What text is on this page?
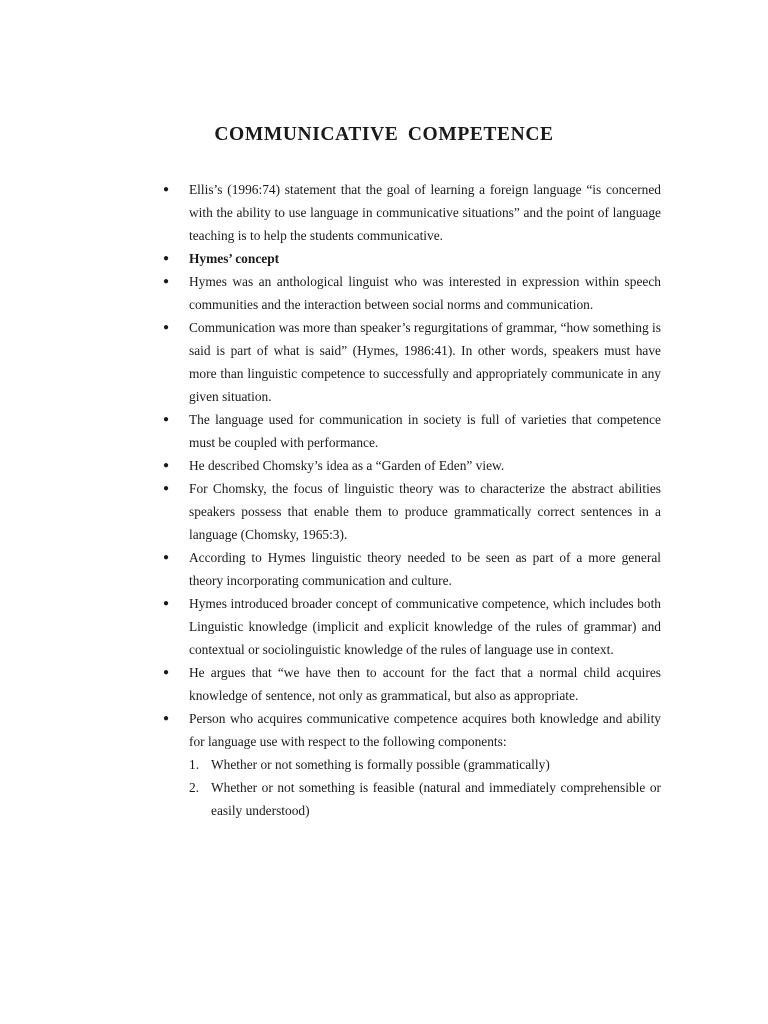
COMMUNICATIVE COMPETENCE
● Ellis’s (1996:74) statement that the goal of learning a foreign language “is concerned with the ability to use language in communicative situations” and the point of language teaching is to help the students communicative.
● Hymes’ concept
● Hymes was an anthological linguist who was interested in expression within speech communities and the interaction between social norms and communication.
● Communication was more than speaker’s regurgitations of grammar, “how something is said is part of what is said” (Hymes, 1986:41). In other words, speakers must have more than linguistic competence to successfully and appropriately communicate in any given situation.
● The language used for communication in society is full of varieties that competence must be coupled with performance.
● He described Chomsky’s idea as a “Garden of Eden” view.
● For Chomsky, the focus of linguistic theory was to characterize the abstract abilities speakers possess that enable them to produce grammatically correct sentences in a language (Chomsky, 1965:3).
● According to Hymes linguistic theory needed to be seen as part of a more general theory incorporating communication and culture.
● Hymes introduced broader concept of communicative competence, which includes both Linguistic knowledge (implicit and explicit knowledge of the rules of grammar) and contextual or sociolinguistic knowledge of the rules of language use in context.
● He argues that “we have then to account for the fact that a normal child acquires knowledge of sentence, not only as grammatical, but also as appropriate.
● Person who acquires communicative competence acquires both knowledge and ability for language use with respect to the following components:
1. Whether or not something is formally possible (grammatically)
2. Whether or not something is feasible (natural and immediately comprehensible or easily understood)
